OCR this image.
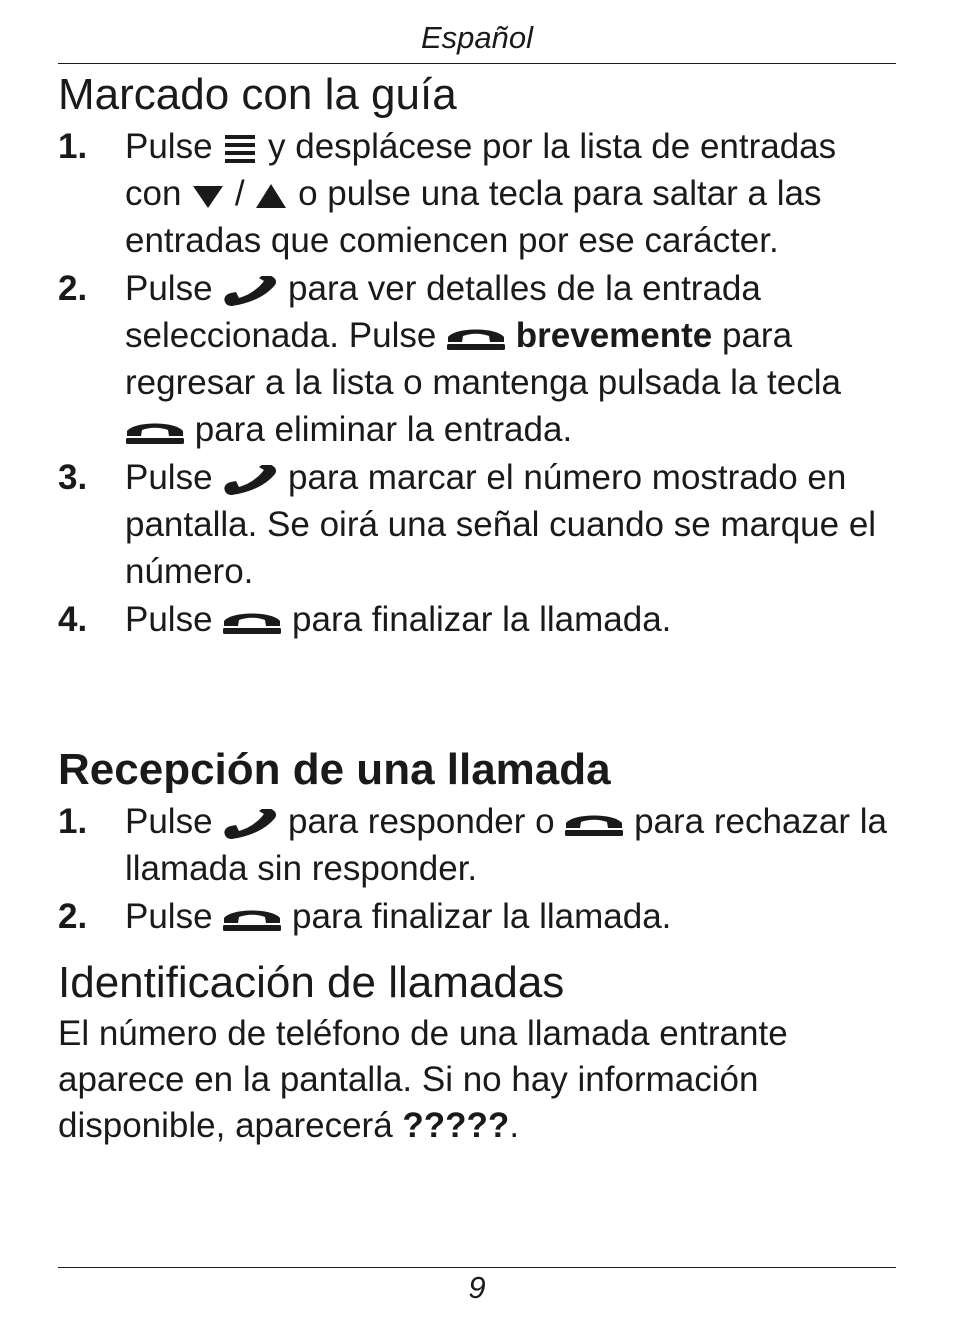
Español
Marcado con la guía
1. Pulse y desplácese por la lista de entradas con / o pulse una tecla para saltar a las entradas que comiencen por ese carácter.
2. Pulse para ver detalles de la entrada seleccionada. Pulse brevemente para regresar a la lista o mantenga pulsada la tecla
para eliminar la entrada.
3. Pulse para marcar el número mostrado en pantalla. Se oirá una señal cuando se marque el número.
4. Pulse para finalizar la llamada.
Recepción de una llamada
1. Pulse para responder o para rechazar la llamada sin responder.
2. Pulse para finalizar la llamada.
Identificación de llamadas

El número de teléfono de una llamada entrante aparece en la pantalla. Si no hay información disponible, aparecerá ?????.

9
